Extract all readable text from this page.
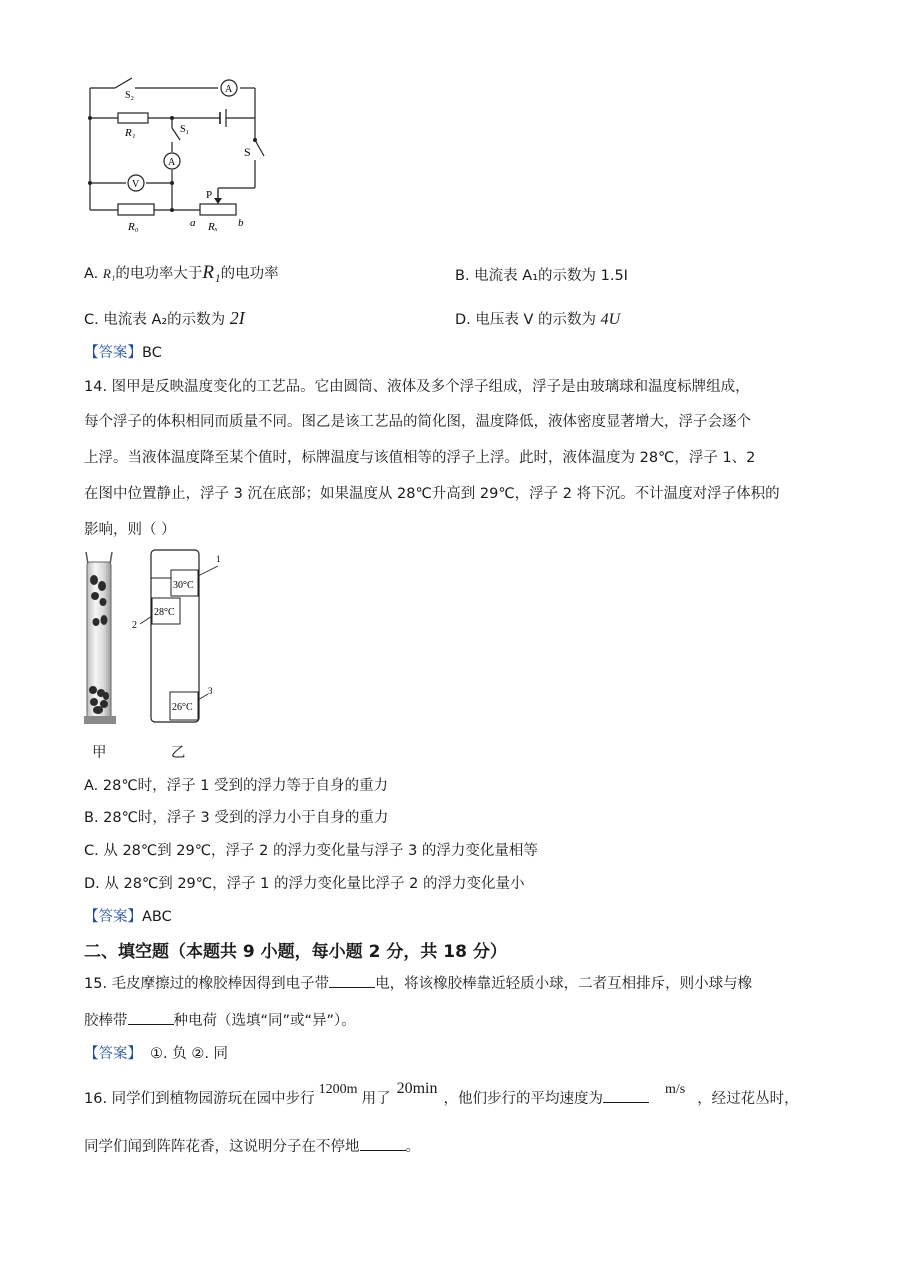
A
A
V
S₂
S₁
S
R₁
R₀	Rₓ
P
a	b
A. R₁的电功率大于R₁的电功率	B. 电流表 A₁的示数为 1.5I
C. 电流表 A₂的示数为 2I	D. 电压表 V 的示数为 4U
【答案】BC
14. 图甲是反映温度变化的工艺品。它由圆筒、液体及多个浮子组成，浮子是由玻璃球和温度标牌组成，
每个浮子的体积相同而质量不同。图乙是该工艺品的简化图，温度降低，液体密度显著增大，浮子会逐个
上浮。当液体温度降至某个值时，标牌温度与该值相等的浮子上浮。此时，液体温度为 28℃，浮子 1、2
在图中位置静止，浮子 3 沉在底部；如果温度从 28℃升高到 29℃，浮子 2 将下沉。不计温度对浮子体积的
影响，则（ ）
甲
30°C
1
28°C
2
26°C
3
乙
A. 28℃时，浮子 1 受到的浮力等于自身的重力
B. 28℃时，浮子 3 受到的浮力小于自身的重力
C. 从 28℃到 29℃，浮子 2 的浮力变化量与浮子 3 的浮力变化量相等
D. 从 28℃到 29℃，浮子 1 的浮力变化量比浮子 2 的浮力变化量小
【答案】ABC
二、填空题（本题共 9 小题，每小题 2 分，共 18 分）
15. 毛皮摩擦过的橡胶棒因得到电子带	电，将该橡胶棒靠近轻质小球，二者互相排斥，则小球与橡
胶棒带	种电荷（选填“同”或“异”）。
【答案】 ①. 负 ②. 同
16. 同学们到植物园游玩在园中步行1200m用了20min，他们步行的平均速度为m/s，经过花丛时，
同学们闻到阵阵花香，这说明分子在不停地	。
